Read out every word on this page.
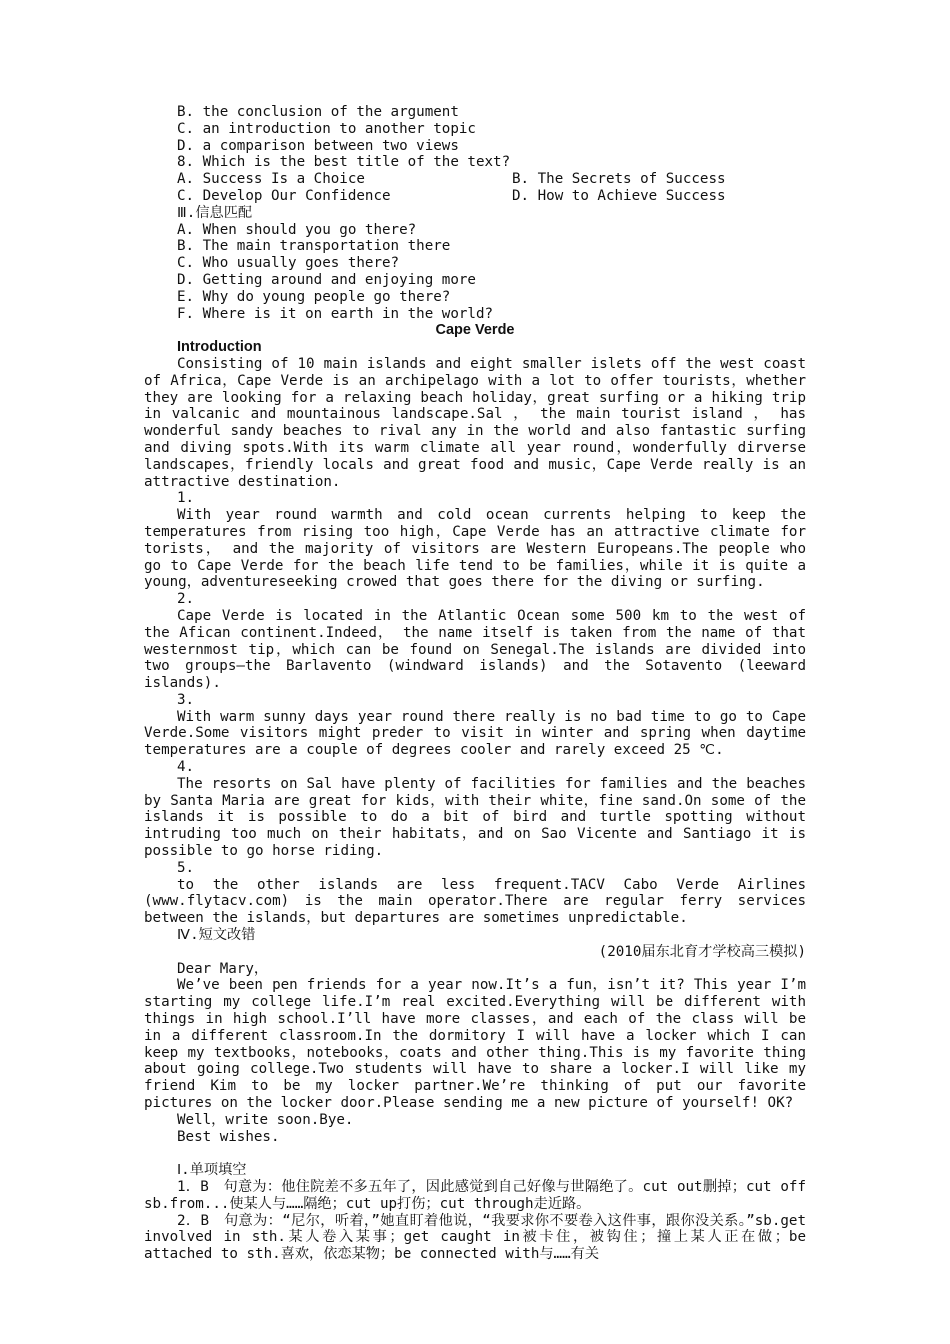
B. the conclusion of the argument
C. an introduction to another topic
D. a comparison between two views
8. Which is the best title of the text?
A. Success Is a Choice	B. The Secrets of Success
C. Develop Our Confidence	D. How to Achieve Success
Ⅲ.信息匹配
A. When should you go there?
B. The main transportation there
C. Who usually goes there?
D. Getting around and enjoying more
E. Why do young people go there?
F. Where is it on earth in the world?
Cape Verde
Introduction
Consisting of 10 main islands and eight smaller islets off the west coast of Africa，Cape Verde is an archipelago with a lot to offer tourists，whether they are looking for a relaxing beach holiday，great surfing or a hiking trip in valcanic and mountainous landscape.Sal ， the main tourist island ， has wonderful sandy beaches to rival any in the world and also fantastic surfing and diving spots.With its warm climate all year round，wonderfully dirverse landscapes，friendly locals and great food and music，Cape Verde really is an attractive destination.
1.
With year round warmth and cold ocean currents helping to keep the temperatures from rising too high，Cape Verde has an attractive climate for torists， and the majority of visitors are Western Europeans.The people who go to Cape Verde for the beach life tend to be families，while it is quite a young，adventureseeking crowed that goes there for the diving or surfing.
2.
Cape Verde is located in the Atlantic Ocean some 500 km to the west of the Afican continent.Indeed， the name itself is taken from the name of that westernmost tip，which can be found on Senegal.The islands are divided into two groups—the Barlavento (windward islands) and the Sotavento (leeward islands).
3.
With warm sunny days year round there really is no bad time to go to Cape Verde.Some visitors might preder to visit in winter and spring when daytime temperatures are a couple of degrees cooler and rarely exceed 25 ℃.
4.
The resorts on Sal have plenty of facilities for families and the beaches by Santa Maria are great for kids，with their white，fine sand.On some of the islands it is possible to do a bit of bird and turtle spotting without intruding too much on their habitats，and on Sao Vicente and Santiago it is possible to go horse riding.
5.
to the other islands are less frequent.TACV Cabo Verde Airlines (www.flytacv.com) is the main operator.There are regular ferry services between the islands，but departures are sometimes unpredictable.
Ⅳ.短文改错
(2010届东北育才学校高三模拟)
Dear Mary，
We’ve been pen friends for a year now.It’s a fun，isn’t it? This year I’m starting my college life.I’m real excited.Everything will be different with things in high school.I’ll have more classes，and each of the class will be in a different classroom.In the dormitory I will have a locker which I can keep my textbooks，notebooks，coats and other thing.This is my favorite thing about going college.Two students will have to share a locker.I will like my friend Kim to be my locker partner.We’re thinking of put our favorite pictures on the locker door.Please sending me a new picture of yourself! OK?
Well，write soon.Bye.
Best wishes.
Ⅰ.单项填空
1．B　句意为：他住院差不多五年了，因此感觉到自己好像与世隔绝了。cut out删掉；cut off sb.from...使某人与……隔绝；cut up打伤；cut through走近路。
2．B　句意为：“尼尔，听着，”她直盯着他说，“我要求你不要卷入这件事，跟你没关系。”sb.get involved in sth.某人卷入某事；get caught in被卡住，被钩住；撞上某人正在做；be attached to sth.喜欢，依恋某物；be connected with与……有关
